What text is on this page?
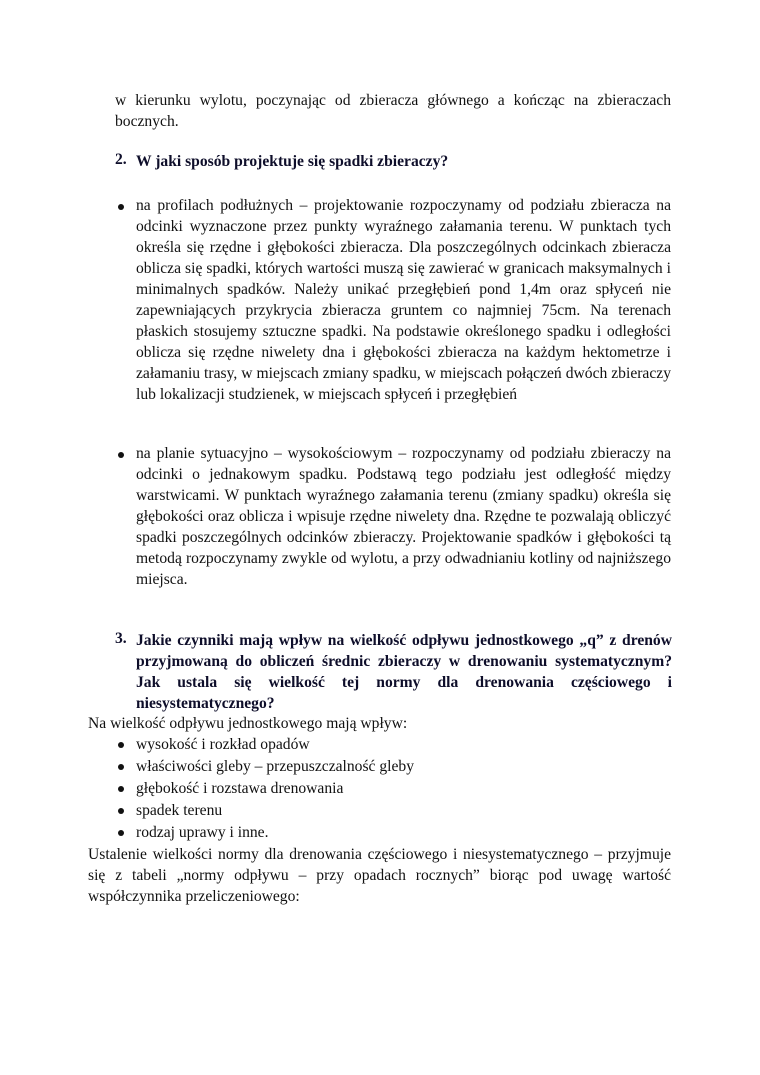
w kierunku wylotu, poczynając od zbieracza głównego a kończąc na zbieraczach bocznych.

2. W jaki sposób projektuje się spadki zbieraczy?

na profilach podłużnych – projektowanie rozpoczynamy od podziału zbieracza na odcinki wyznaczone przez punkty wyraźnego załamania terenu. W punktach tych określa się rzędne i głębokości zbieracza. Dla poszczególnych odcinkach zbieracza oblicza się spadki, których wartości muszą się zawierać w granicach maksymalnych i minimalnych spadków. Należy unikać przegłębień pond 1,4m oraz spłyceń nie zapewniających przykrycia zbieracza gruntem co najmniej 75cm. Na terenach płaskich stosujemy sztuczne spadki. Na podstawie określonego spadku i odległości oblicza się rzędne niwelety dna i głębokości zbieracza na każdym hektometrze i załamaniu trasy, w miejscach zmiany spadku, w miejscach połączeń dwóch zbieraczy lub lokalizacji studzienek, w miejscach spłyceń i przegłębień

na planie sytuacyjno – wysokościowym – rozpoczynamy od podziału zbieraczy na odcinki o jednakowym spadku. Podstawą tego podziału jest odległość między warstwicami. W punktach wyraźnego załamania terenu (zmiany spadku) określa się głębokości oraz oblicza i wpisuje rzędne niwelety dna. Rzędne te pozwalają obliczyć spadki poszczególnych odcinków zbieraczy. Projektowanie spadków i głębokości tą metodą rozpoczynamy zwykle od wylotu, a przy odwadnianiu kotliny od najniższego miejsca.

3. Jakie czynniki mają wpływ na wielkość odpływu jednostkowego „q” z drenów przyjmowaną do obliczeń średnic zbieraczy w drenowaniu systematycznym? Jak ustala się wielkość tej normy dla drenowania częściowego i niesystematycznego?

Na wielkość odpływu jednostkowego mają wpływ:

wysokość i rozkład opadów

właściwości gleby – przepuszczalność gleby

głębokość i rozstawa drenowania

spadek terenu

rodzaj uprawy i inne.

Ustalenie wielkości normy dla drenowania częściowego i niesystematycznego – przyjmuje się z tabeli „normy odpływu – przy opadach rocznych” biorąc pod uwagę wartość współczynnika przeliczeniowego:
